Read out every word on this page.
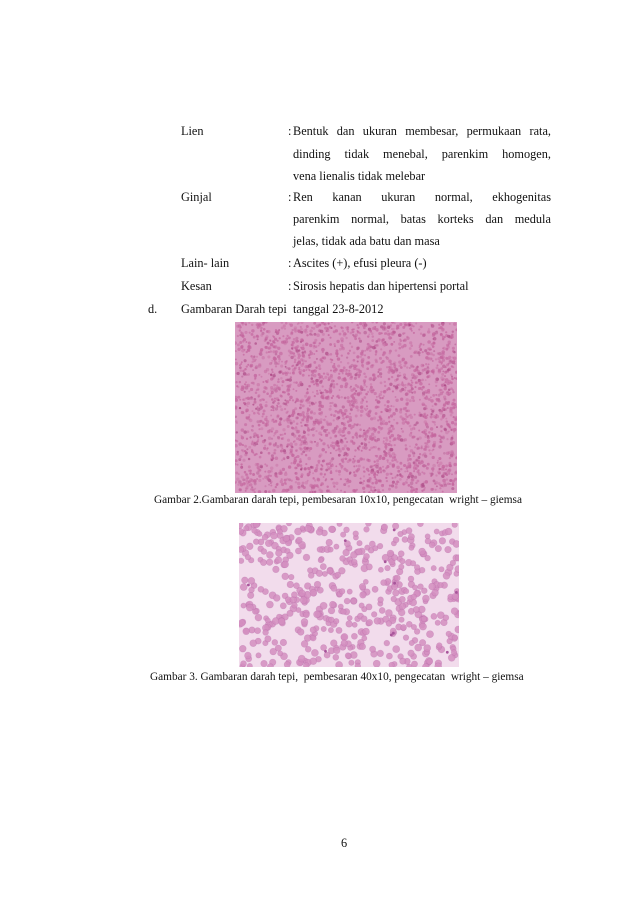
Lien	: Bentuk dan ukuran membesar, permukaan rata,
dinding tidak menebal, parenkim homogen,
vena lienalis tidak melebar
Ginjal	: Ren kanan ukuran normal, ekhogenitas
parenkim normal, batas korteks dan medula
jelas, tidak ada batu dan masa
Lain- lain	: Ascites (+), efusi pleura (-)
Kesan	: Sirosis hepatis dan hipertensi portal
d. Gambaran Darah tepi  tanggal 23-8-2012
Gambar 2.Gambaran darah tepi, pembesaran 10x10, pengecatan  wright – giemsa
Gambar 3. Gambaran darah tepi,  pembesaran 40x10, pengecatan  wright – giemsa
6
